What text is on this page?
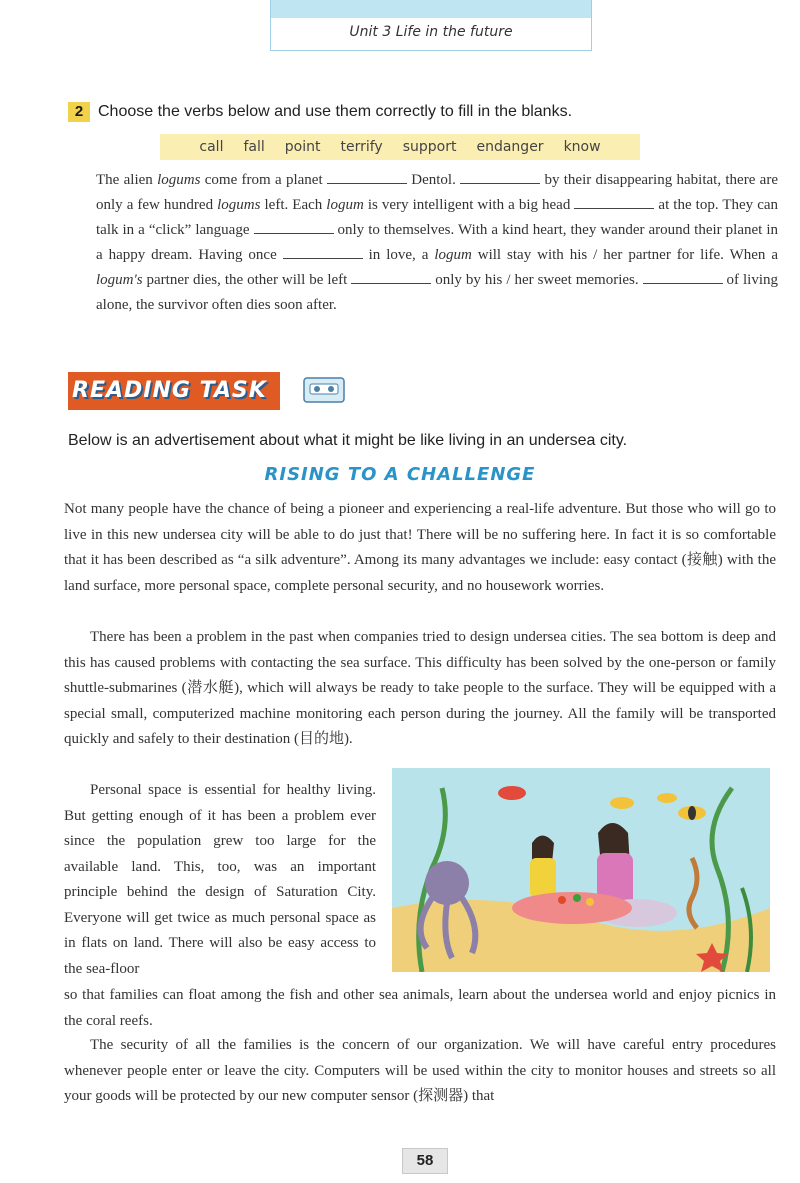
Unit 3 Life in the future
2 Choose the verbs below and use them correctly to fill in the blanks.
call fall point terrify support endanger know

The alien logums come from a planet	Dentol.	by their disappearing habitat, there are only a few hundred logums left. Each logum is very intelligent with a big head	at the top. They can talk in a “click” language	only to themselves. With a kind heart, they wander around their planet in a happy dream. Having once	in love, a logum will stay with his / her partner for life. When a logum's partner dies, the other will be left	only by his / her sweet memories.	of living alone, the survivor often dies soon after.

READING TASK
Below is an advertisement about what it might be like living in an undersea city.
RISING TO A CHALLENGE

Not many people have the chance of being a pioneer and experiencing a real-life adventure. But those who will go to live in this new undersea city will be able to do just that! There will be no suffering here. In fact it is so comfortable that it has been described as “a silk adventure”. Among its many advantages we include: easy contact (接触) with the land surface, more personal space, complete personal security, and no housework worries.

There has been a problem in the past when companies tried to design undersea cities. The sea bottom is deep and this has caused problems with contacting the sea surface. This difficulty has been solved by the one-person or family shuttle-submarines (潜水艇), which will always be ready to take people to the surface. They will be equipped with a special small, computerized machine monitoring each person during the journey. All the family will be transported quickly and safely to their destination (目的地).

Personal space is essential for healthy living. But getting enough of it has been a problem ever since the population grew too large for the available land. This, too, was an important principle behind the design of Saturation City. Everyone will get twice as much personal space as in flats on land. There will also be easy access to the sea-floor

so that families can float among the fish and other sea animals, learn about the undersea world and enjoy picnics in the coral reefs.

The security of all the families is the concern of our organization. We will have careful entry procedures whenever people enter or leave the city. Computers will be used within the city to monitor houses and streets so all your goods will be protected by our new computer sensor (探测器) that

58
